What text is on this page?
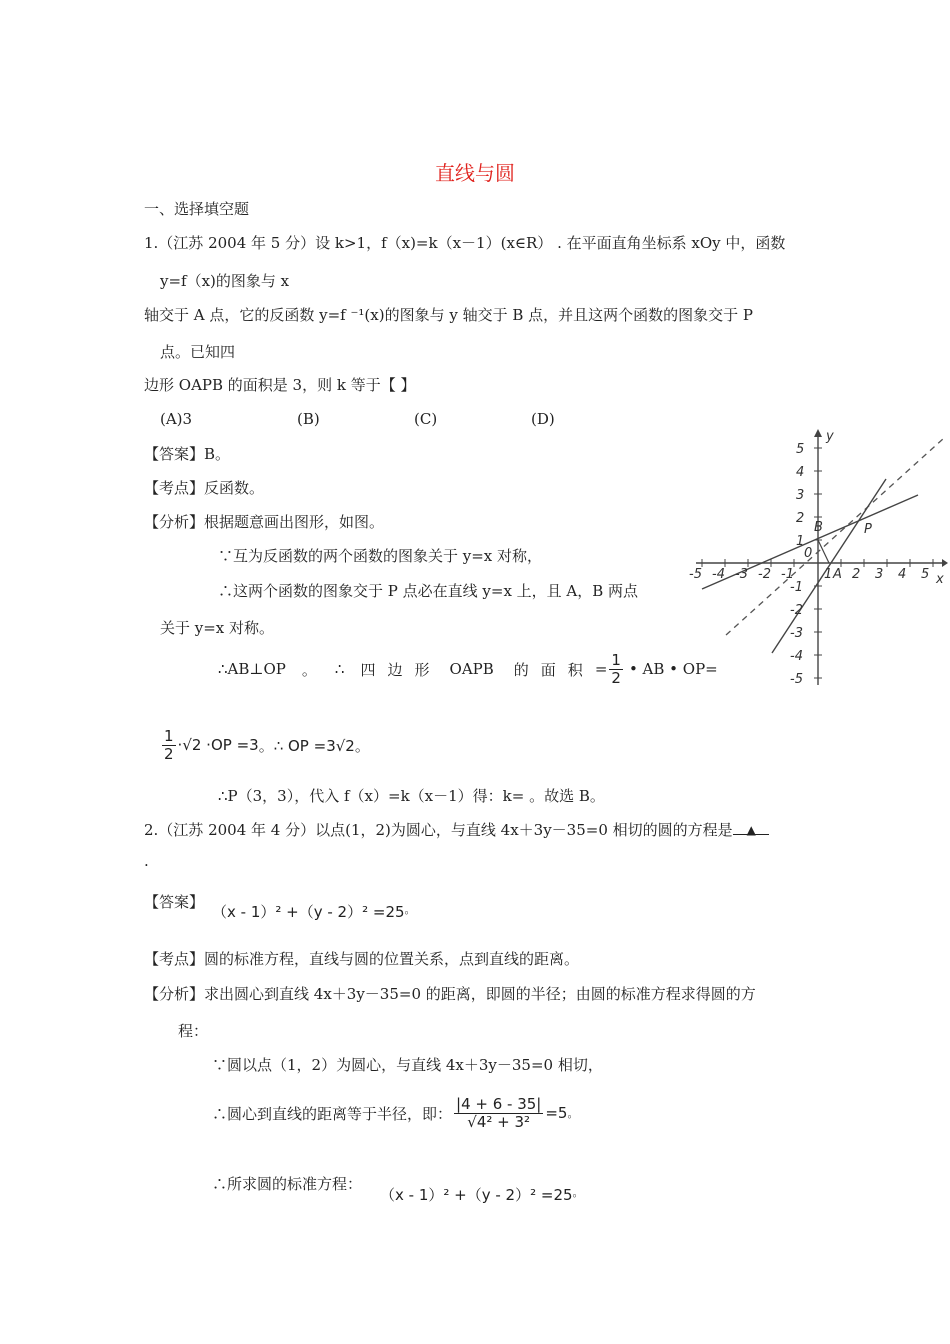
直线与圆
一、选择填空题
1.（江苏 2004 年 5 分）设 k>1，f（x)=k（x－1）(x∈R） . 在平面直角坐标系 xOy 中，函数
y=f（x)的图象与 x
轴交于 A 点，它的反函数 y=f ⁻¹(x)的图象与 y 轴交于 B 点，并且这两个函数的图象交于 P
点。已知四
边形 OAPB 的面积是 3，则 k 等于【 】
(A)3	(B)	(C)	(D)
【答案】B。
【考点】反函数。
【分析】根据题意画出图形，如图。
∵互为反函数的两个函数的图象关于 y=x 对称，
∴这两个函数的图象交于 P 点必在直线 y=x 上，且 A，B 两点
关于 y=x 对称。
∴AB⊥OP 。 ∴ 四 边 形 OAPB 的 面 积 = $\frac{1}{2}$ • AB • OP=
$\frac{1}{2} \cdot√2 \cdot OP =3$ 。∴ OP =3√2 。
∴P（3，3），代入 f（x）=k（x－1）得：k= 。故选 B。
-5 -4 -3 -2 -1
0
1 A 2 3 4 5
5
4
3
2
1
-1
-2
-3
-4
-5
x
y
B	P
2.（江苏 2004 年 4 分）以点(1，2)为圆心，与直线 4x＋3y－35=0 相切的圆的方程是 ▲
.
【答案】
（x - 1）² +（y - 2）² =25。
【考点】圆的标准方程，直线与圆的位置关系，点到直线的距离。
【分析】求出圆心到直线 4x＋3y－35=0 的距离，即圆的半径；由圆的标准方程求得圆的方
程：
∵圆以点（1，2）为圆心，与直线 4x＋3y－35=0 相切，
∴圆心到直线的距离等于半径，即： $\frac{|4 + 6 - 35|}{\text{√4² + 3²}} =5$ 。
∴所求圆的标准方程：
（x - 1）² +（y - 2）² =25。
